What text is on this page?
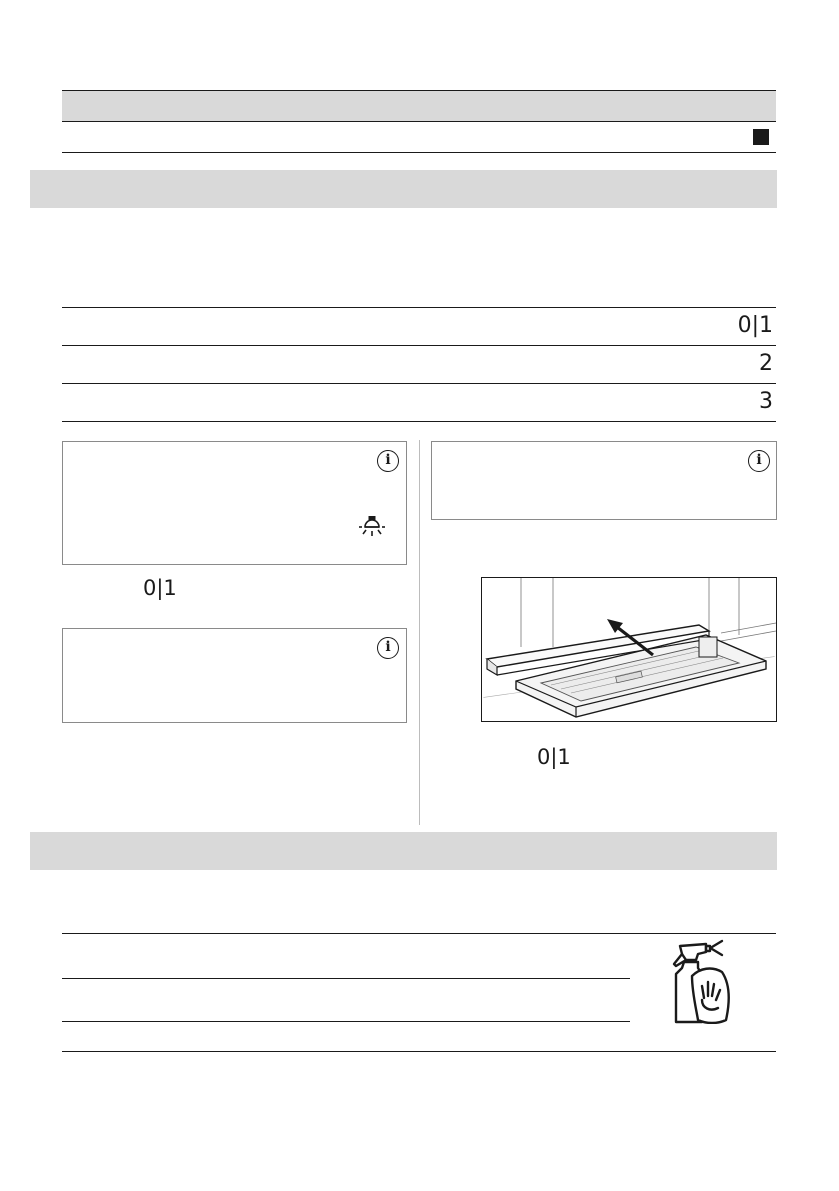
0|1
2
3
i
0|1
i
i
0|1
